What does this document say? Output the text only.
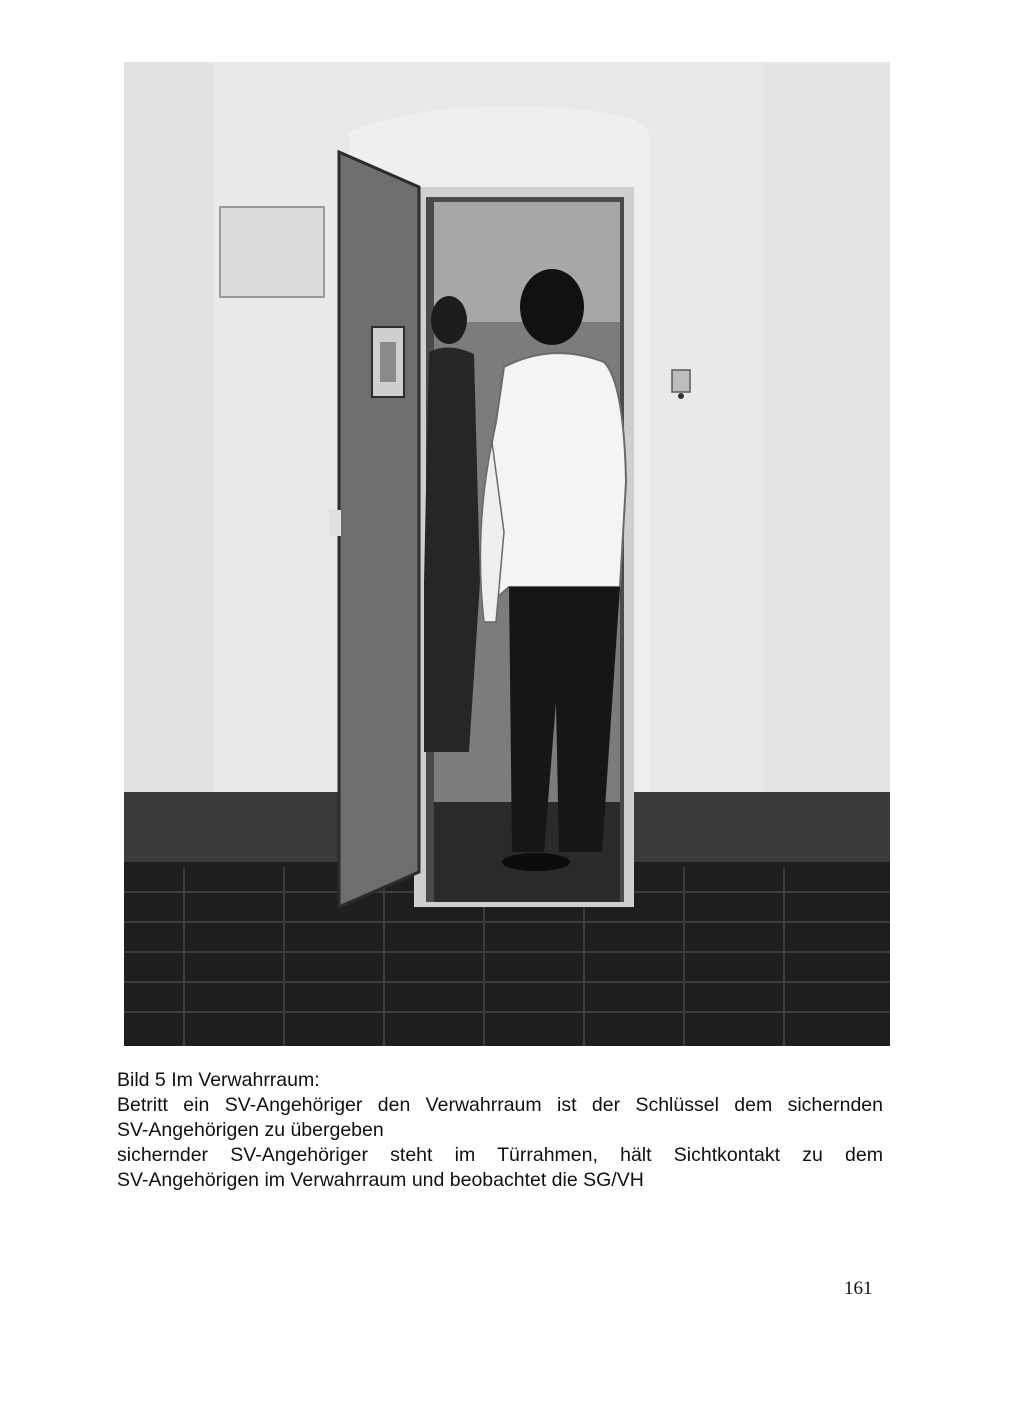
Bild 5 Im Verwahrraum:

Betritt ein SV-Angehöriger den Verwahrraum ist der Schlüssel dem sichernden

SV-Angehörigen zu übergeben

sichernder SV-Angehöriger steht im Türrahmen, hält Sichtkontakt zu dem

SV-Angehörigen im Verwahrraum und beobachtet die SG/VH

161
